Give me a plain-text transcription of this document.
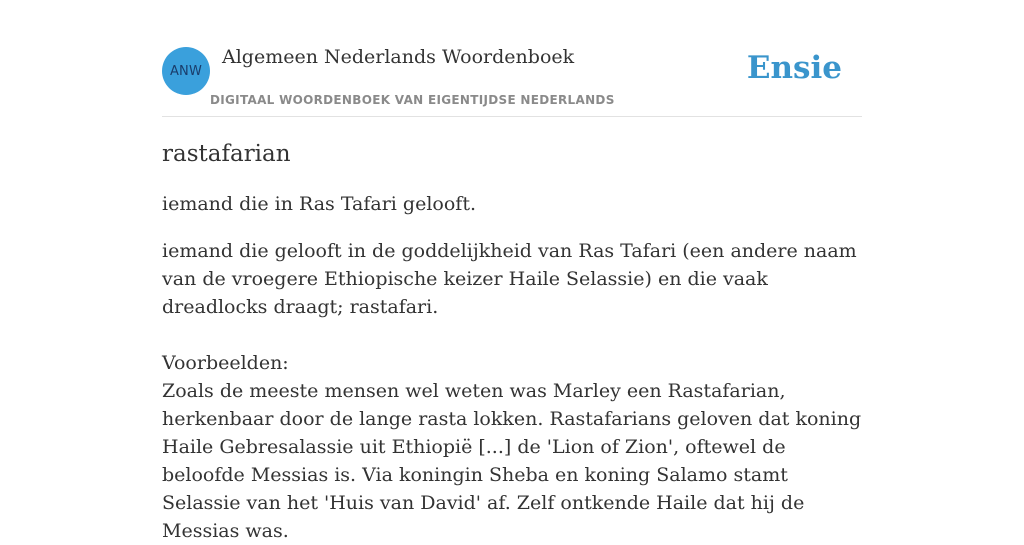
ANW
Algemeen Nederlands Woordenboek
DIGITAAL WOORDENBOEK VAN EIGENTIJDSE NEDERLANDS
Ensie
rastafarian

iemand die in Ras Tafari gelooft.

iemand die gelooft in de goddelijkheid van Ras Tafari (een andere naam van de vroegere Ethiopische keizer Haile Selassie) en die vaak dreadlocks draagt; rastafari.

Voorbeelden:

Zoals de meeste mensen wel weten was Marley een Rastafarian, herkenbaar door de lange rasta lokken. Rastafarians geloven dat koning Haile Gebresalassie uit Ethiopië [...] de 'Lion of Zion', oftewel de beloofde Messias is. Via koningin Sheba en koning Salamo stamt Selassie van het 'Huis van David' af. Zelf ontkende Haile dat hij de Messias was.
